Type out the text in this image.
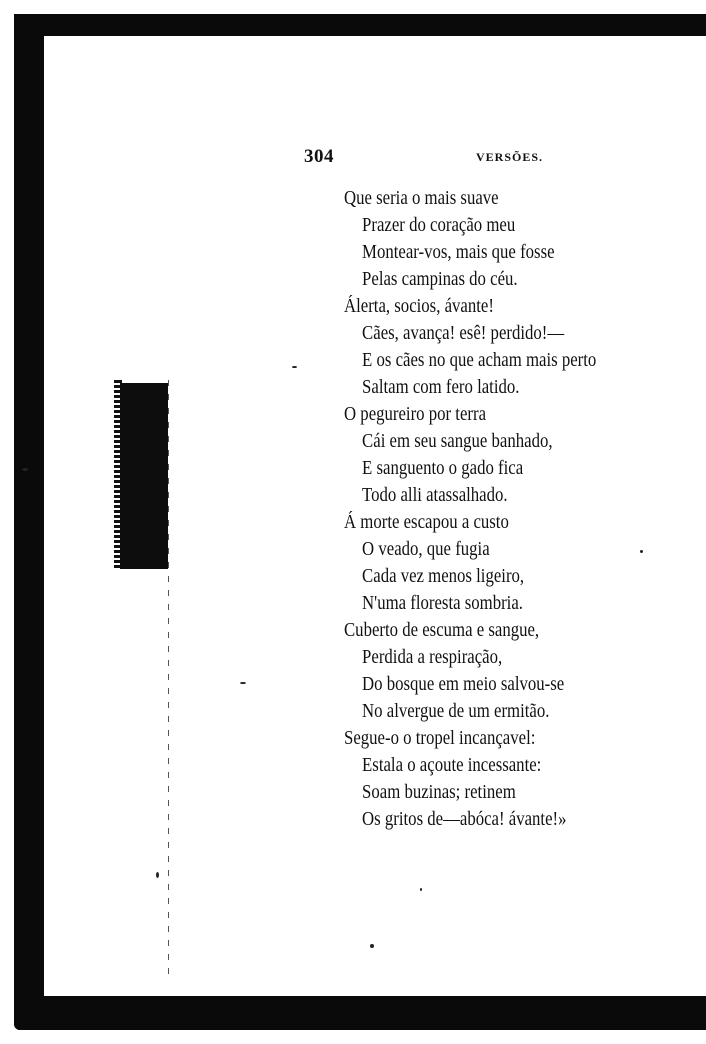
304	VERSÕES.
Que seria o mais suave
Prazer do coração meu
Montear-vos, mais que fosse
Pelas campinas do céu.
Álerta, socios, ávante!
Cães, avança! esê! perdido!—
E os cães no que acham mais perto
Saltam com fero latido.
O pegureiro por terra
Cái em seu sangue banhado,
E sanguento o gado fica
Todo alli atassalhado.
Á morte escapou a custo
O veado, que fugia
Cada vez menos ligeiro,
N'uma floresta sombria.
Cuberto de escuma e sangue,
Perdida a respiração,
Do bosque em meio salvou-se
No alvergue de um ermitão.
Segue-o o tropel incançavel:
Estala o açoute incessante:
Soam buzinas; retinem
Os gritos de—abóca! ávante!»
